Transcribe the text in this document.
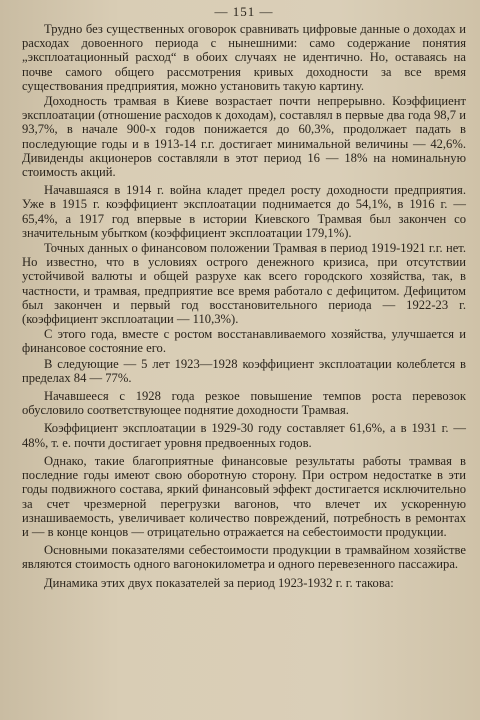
— 151 —

Трудно без существенных оговорок сравнивать цифровые данные о доходах и расходах довоенного периода с нынешними: само содержание понятия „эксплоатационный расход“ в обоих случаях не идентично. Но, оставаясь на почве самого общего рассмотрения кривых доходности за все время существования предприятия, можно установить такую картину.

Доходность трамвая в Киеве возрастает почти непрерывно. Коэффициент эксплоатации (отношение расходов к доходам), составлял в первые два года 98,7 и 93,7%, в начале 900-х годов понижается до 60,3%, продолжает падать в последующие годы и в 1913-14 г.г. достигает минимальной величины — 42,6%. Дивиденды акционеров составляли в этот период 16 — 18% на номинальную стоимость акций.

Начавшаяся в 1914 г. война кладет предел росту доходности предприятия. Уже в 1915 г. коэффициент эксплоатации поднимается до 54,1%, в 1916 г. — 65,4%, а 1917 год впервые в истории Киевского Трамвая был закончен со значительным убытком (коэффициент эксплоатации 179,1%).

Точных данных о финансовом положении Трамвая в период 1919-1921 г.г. нет. Но известно, что в условиях острого денежного кризиса, при отсутствии устойчивой валюты и общей разрухе как всего городского хозяйства, так, в частности, и трамвая, предприятие все время работало с дефицитом. Дефицитом был закончен и первый год восстановительного периода — 1922-23 г. (коэффициент эксплоатации — 110,3%).

С этого года, вместе с ростом восстанавливаемого хозяйства, улучшается и финансовое состояние его.

В следующие — 5 лет 1923—1928 коэффициент эксплоатации колеблется в пределах 84 — 77%.

Начавшееся с 1928 года резкое повышение темпов роста перевозок обусловило соответствующее поднятие доходности Трамвая.

Коэффициент эксплоатации в 1929-30 году составляет 61,6%, а в 1931 г. — 48%, т. е. почти достигает уровня предвоенных годов.

Однако, такие благоприятные финансовые результаты работы трамвая в последние годы имеют свою оборотную сторону. При остром недостатке в эти годы подвижного состава, яркий финансовый эффект достигается исключительно за счет чрезмерной перегрузки вагонов, что влечет их ускоренную изнашиваемость, увеличивает количество повреждений, потребность в ремонтах и — в конце концов — отрицательно отражается на себестоимости продукции.

Основными показателями себестоимости продукции в трамвайном хозяйстве являются стоимость одного вагонокилометра и одного перевезенного пассажира.

Динамика этих двух показателей за период 1923-1932 г. г. такова:
